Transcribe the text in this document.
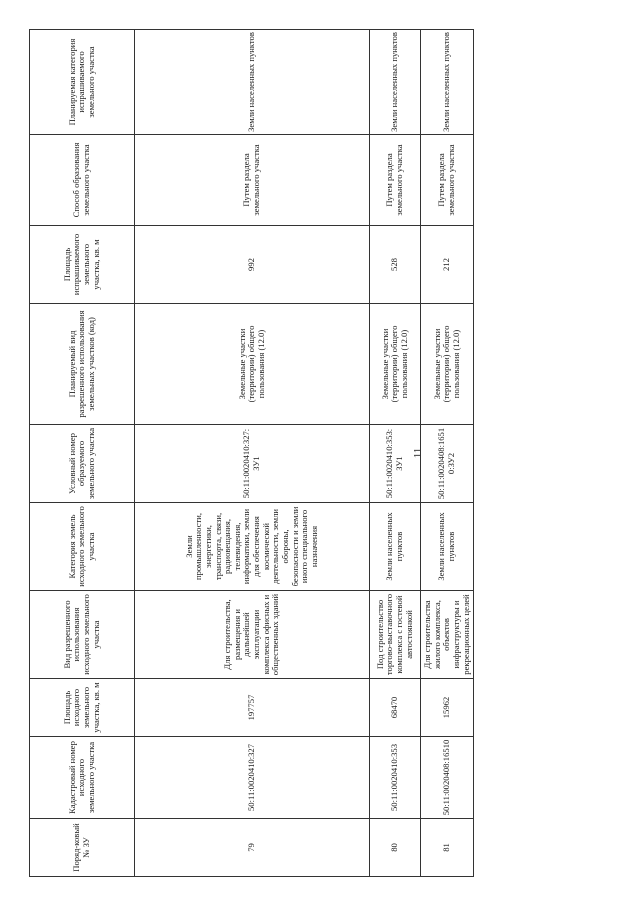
11
Поряд-ковый № ЗУ	Кадастровый номер исходного земельного участка	Площадь исходного земельного участка, кв. м	Вид разрешенного использования исходного земельного участка	Категория земель исходного земельного участка	Условный номер образуемого земельного участка	Планируемый вид разрешенного использования земельных участков (код)	Площадь испрашиваемого земельного участка, кв. м	Способ образования земельного участка	Планируемая категория испрашиваемого земельного участка
79	50:11:0020410:327	197757	Для строительства, размещения и дальнейшей эксплуатации комплекса офисных и общественных зданий	Земли промышленности, энергетики, транспорта, связи, радиовещания, телевидения, информатики, земли для обеспечения космической деятельности, земли обороны, безопасности и земли иного специального назначения	50:11:0020410:327:ЗУ1	Земельные участки (территории) общего пользования (12.0)	992	Путем раздела земельного участка	Земли населенных пунктов
80	50:11:0020410:353	68470	Под строительство торгово-выставочного комплекса с гостевой автостоянкой	Земли населенных пунктов	50:11:0020410:353:ЗУ1	Земельные участки (территории) общего пользования (12.0)	528	Путем раздела земельного участка	Земли населенных пунктов
81	50:11:0020408:16510	15962	Для строительства жилого комплекса, объектов инфраструктуры и рекреационных целей	Земли населенных пунктов	50:11:0020408:16510:ЗУ2	Земельные участки (территории) общего пользования (12.0)	212	Путем раздела земельного участка	Земли населенных пунктов
